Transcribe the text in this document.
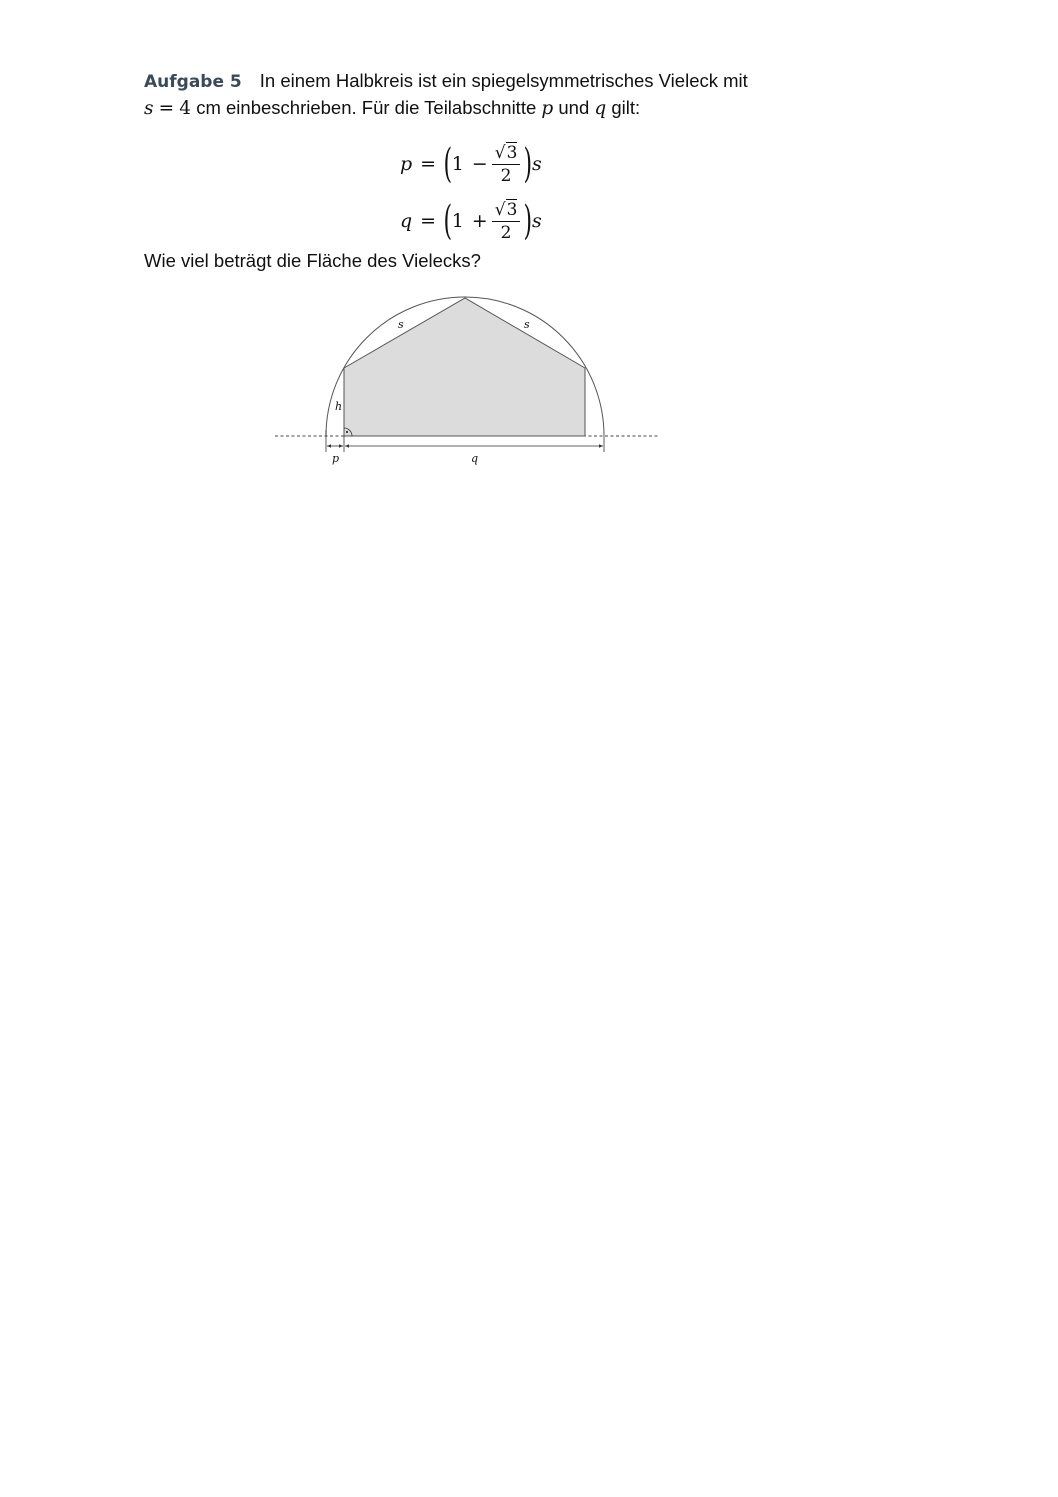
Aufgabe 5 In einem Halbkreis ist ein spiegelsymmetrisches Vieleck mit
s = 4 cm einbeschrieben. Für die Teilabschnitte p und q gilt:
p = ( $1 - \frac{√3}{2}$ ) s
q = ( $1 + \frac{√3}{2}$ ) s
Wie viel beträgt die Fläche des Vielecks?
s	s
h
p	q
